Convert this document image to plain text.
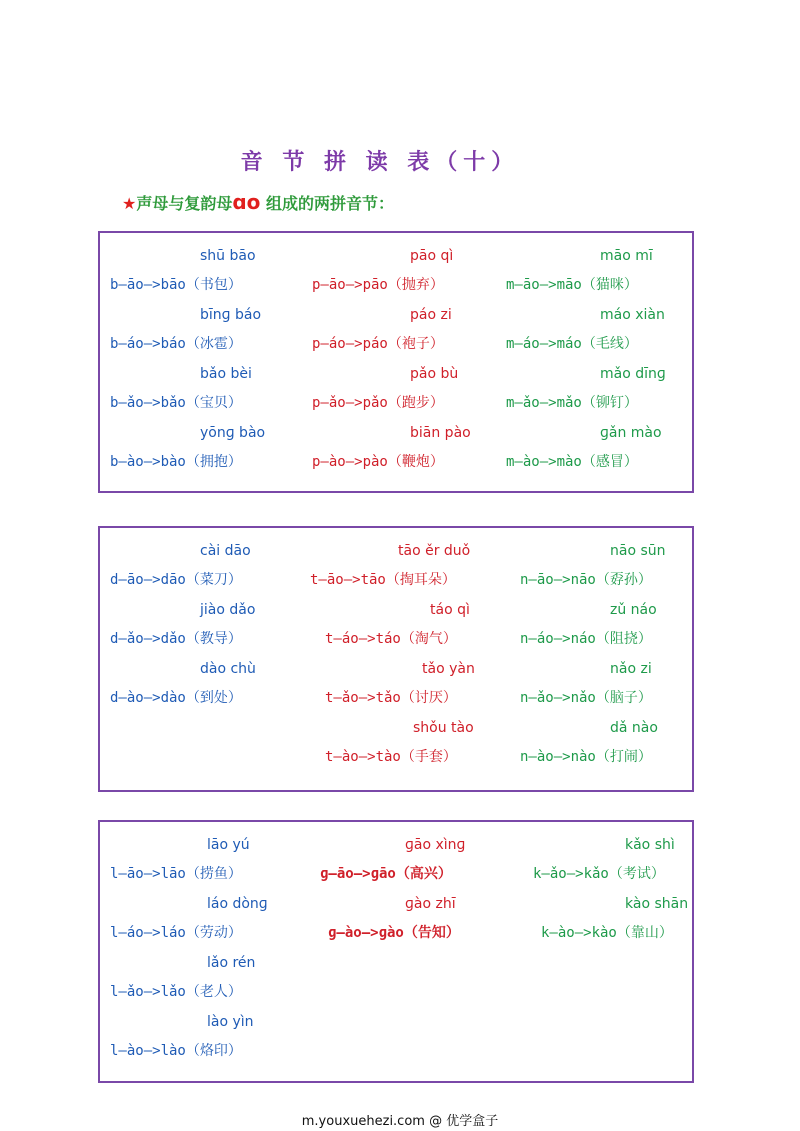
音 节 拼 读 表（十）
★声母与复韵母ɑo 组成的两拼音节：
m.youxuehezi.com @ 优学盒子
shū bāo
b—āo—>bāo（书包）
pāo qì
p—āo—>pāo（抛弃）
māo mī
m—āo—>māo（猫咪）
bīnɡ báo
b—áo—>báo（冰雹）
páo zi
p—áo—>páo（袍子）
máo xiàn
m—áo—>máo（毛线）
bǎo bèi
b—ǎo—>bǎo（宝贝）
pǎo bù
p—ǎo—>pǎo（跑步）
mǎo dīnɡ
m—ǎo—>mǎo（铆钉）
yōnɡ bào
b—ào—>bào（拥抱）
biān pào
p—ào—>pào（鞭炮）
ɡǎn mào
m—ào—>mào（感冒）
cài dāo
d—āo—>dāo（菜刀）
tāo ěr duǒ
t—āo—>tāo（掏耳朵）
nāo sūn
n—āo—>nāo（孬孙）
jiào dǎo
d—ǎo—>dǎo（教导）
táo qì
t—áo—>táo（淘气）
zǔ náo
n—áo—>náo（阻挠）
dào chù
d—ào—>dào（到处）
tǎo yàn
t—ǎo—>tǎo（讨厌）
nǎo zi
n—ǎo—>nǎo（脑子）
shǒu tào
t—ào—>tào（手套）
dǎ nào
n—ào—>nào（打闹）
lāo yú
l—āo—>lāo（捞鱼）
ɡāo xìnɡ
ɡ—āo—>ɡāo（高兴）
kǎo shì
k—ǎo—>kǎo（考试）
láo dònɡ
l—áo—>láo（劳动）
ɡào zhī
ɡ—ào—>ɡào（告知）
kào shān
k—ào—>kào（靠山）
lǎo rén
l—ǎo—>lǎo（老人）
lào yìn
l—ào—>lào（烙印）
